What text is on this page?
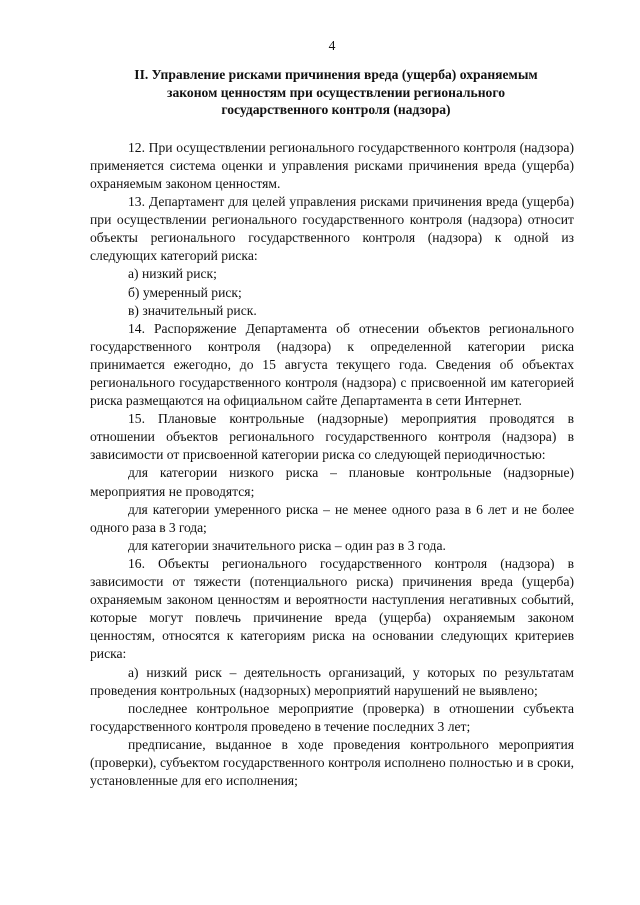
4
II. Управление рисками причинения вреда (ущерба) охраняемым
законом ценностям при осуществлении регионального
государственного контроля (надзора)

12. При осуществлении регионального государственного контроля (надзора) применяется система оценки и управления рисками причинения вреда (ущерба) охраняемым законом ценностям.

13. Департамент для целей управления рисками причинения вреда (ущерба) при осуществлении регионального государственного контроля (надзора) относит объекты регионального государственного контроля (надзора) к одной из следующих категорий риска:

а) низкий риск;

б) умеренный риск;

в) значительный риск.

14. Распоряжение Департамента об отнесении объектов регионального государственного контроля (надзора) к определенной категории риска принимается ежегодно, до 15 августа текущего года. Сведения об объектах регионального государственного контроля (надзора) с присвоенной им категорией риска размещаются на официальном сайте Департамента в сети Интернет.

15. Плановые контрольные (надзорные) мероприятия проводятся в отношении объектов регионального государственного контроля (надзора) в зависимости от присвоенной категории риска со следующей периодичностью:

для категории низкого риска – плановые контрольные (надзорные) мероприятия не проводятся;

для категории умеренного риска – не менее одного раза в 6 лет и не более одного раза в 3 года;

для категории значительного риска – один раз в 3 года.

16. Объекты регионального государственного контроля (надзора) в зависимости от тяжести (потенциального риска) причинения вреда (ущерба) охраняемым законом ценностям и вероятности наступления негативных событий, которые могут повлечь причинение вреда (ущерба) охраняемым законом ценностям, относятся к категориям риска на основании следующих критериев риска:

а) низкий риск – деятельность организаций, у которых по результатам проведения контрольных (надзорных) мероприятий нарушений не выявлено;

последнее контрольное мероприятие (проверка) в отношении субъекта государственного контроля проведено в течение последних 3 лет;

предписание, выданное в ходе проведения контрольного мероприятия (проверки), субъектом государственного контроля исполнено полностью и в сроки, установленные для его исполнения;
